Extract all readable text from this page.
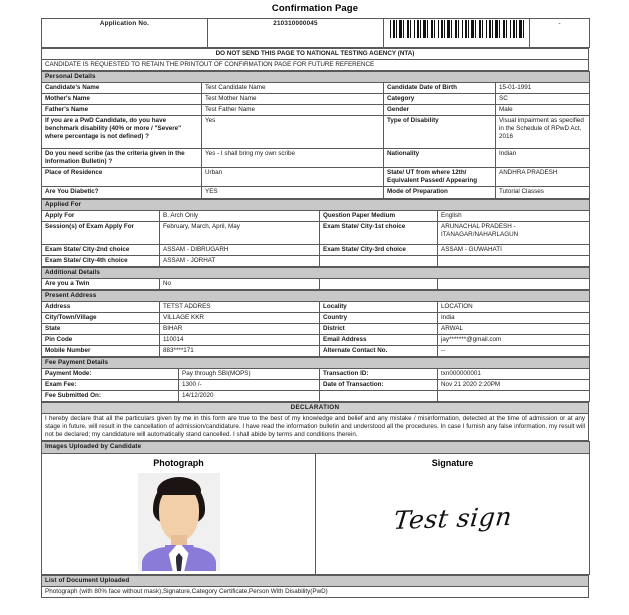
Confirmation Page
Application No.	210310000045		-
DO NOT SEND THIS PAGE TO NATIONAL TESTING AGENCY (NTA)
CANDIDATE IS REQUESTED TO RETAIN THE PRINTOUT OF CONFIRMATION PAGE FOR FUTURE REFERENCE
Personal Details			
Candidate's Name	Test Candidate Name	Candidate Date of Birth	15-01-1991
Mother's Name	Test Mother Name	Category	SC
Father's Name	Test Father Name	Gender	Male
If you are a PwD Candidate, do you have benchmark disability (40% or more / "Severe" where percentage is not defined) ?	Yes	Type of Disability	Visual impairment as specified in the Schedule of RPwD Act, 2016
Do you need scribe (as the criteria given in the Information Bulletin) ?	Yes - I shall bring my own scribe	Nationality	Indian
Place of Residence	Urban	State/ UT from where 12th/ Equivalent Passed/ Appearing	ANDHRA PRADESH
Are You Diabetic?	YES	Mode of Preparation	Tutorial Classes
Applied For			
Apply For	B. Arch Only	Question Paper Medium	English
Session(s) of Exam Apply For	February, March, April, May	Exam State/ City-1st choice	ARUNACHAL PRADESH - ITANAGAR/NAHARLAGUN
Exam State/ City-2nd choice	ASSAM - DIBRUGARH	Exam State/ City-3rd choice	ASSAM - GUWAHATI
Exam State/ City-4th choice	ASSAM - JORHAT		
Additional Details
Are you a Twin	No		
Present Address			
Address	TETST ADDRES	Locality	LOCATION
City/Town/Village	VILLAGE KKR	Country	India
State	BIHAR	District	ARWAL
Pin Code	110014	Email Address	jay*******@gmail.com
Mobile Number	883****171	Alternate Contact No.	--
Fee Payment Details			
Payment Mode:	Pay through SBI(MOPS)	Transaction ID:	txn000000001
Exam Fee:	1300 /-	Date of Transaction:	Nov 21 2020 2:20PM
Fee Submitted On:	14/12/2020		
DECLARATION
I hereby declare that all the particulars given by me in this form are true to the best of my knowledge and belief and any mistake / misinformation, detected at the time of admission or at any stage in future, will result in the cancellation of admission/candidature. I have read the information bulletin and understood all the procedures. In case I furnish any false information, my result will not be declared; my candidature will automatically stand cancelled. I shall abide by terms and conditions therein.
Images Uploaded by Candidate

Photograph	Signature
Test sign
List of Document Uploaded
Photograph (with 80% face without mask),Signature,Category Certificate,Person With Disability(PwD)
